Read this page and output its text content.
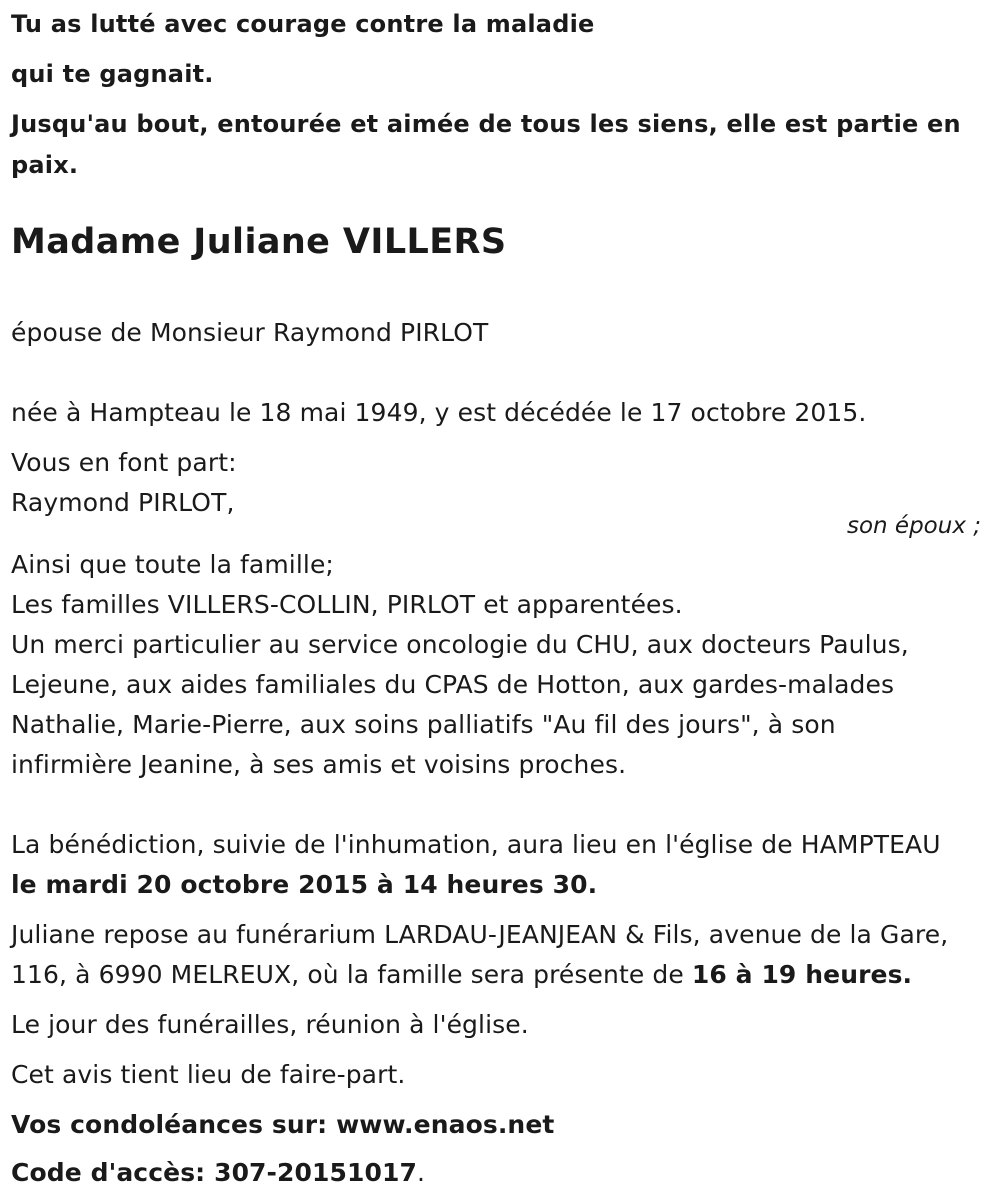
Tu as lutté avec courage contre la maladie
qui te gagnait.
Jusqu'au bout, entourée et aimée de tous les siens, elle est partie en
paix.
Madame Juliane VILLERS
épouse de Monsieur Raymond PIRLOT
née à Hampteau le 18 mai 1949, y est décédée le 17 octobre 2015.
Vous en font part:
Raymond PIRLOT,
son époux ;
Ainsi que toute la famille;
Les familles VILLERS-COLLIN, PIRLOT et apparentées.
Un merci particulier au service oncologie du CHU, aux docteurs Paulus,
Lejeune, aux aides familiales du CPAS de Hotton, aux gardes-malades
Nathalie, Marie-Pierre, aux soins palliatifs "Au fil des jours", à son
infirmière Jeanine, à ses amis et voisins proches.
La bénédiction, suivie de l'inhumation, aura lieu en l'église de HAMPTEAU
le mardi 20 octobre 2015 à 14 heures 30.
Juliane repose au funérarium LARDAU-JEANJEAN & Fils, avenue de la Gare,
116, à 6990 MELREUX, où la famille sera présente de 16 à 19 heures.
Le jour des funérailles, réunion à l'église.
Cet avis tient lieu de faire-part.
Vos condoléances sur: www.enaos.net
Code d'accès: 307-20151017.
